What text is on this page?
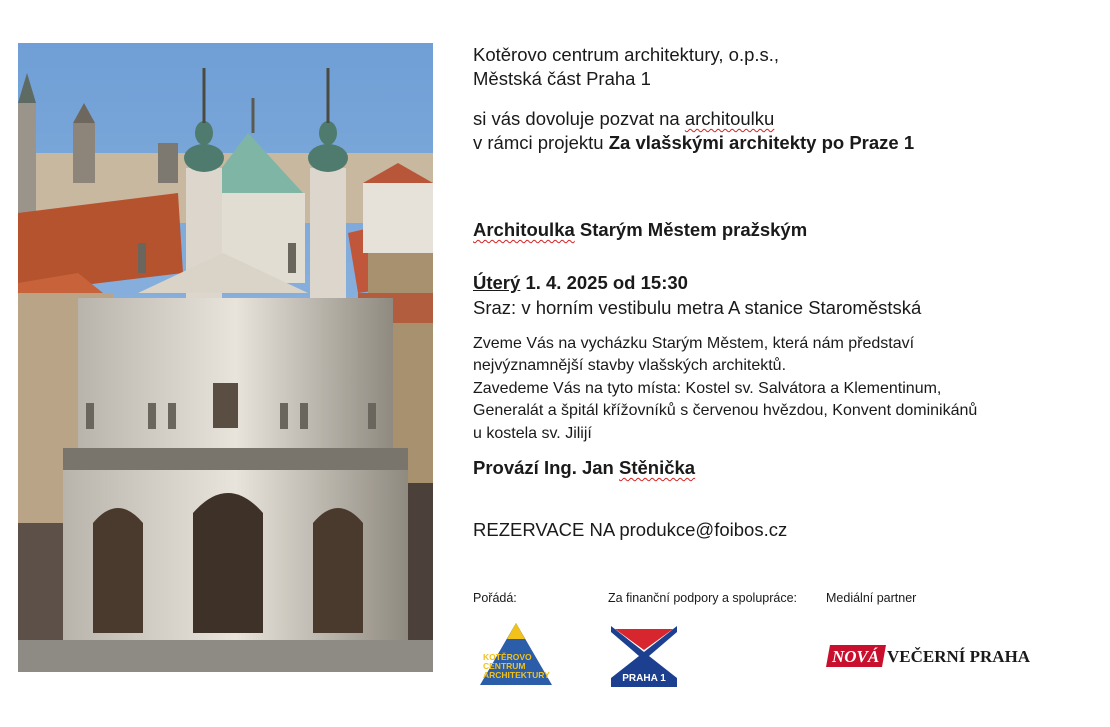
Kotěrovo centrum architektury, o.p.s.,
Městská část Praha 1
si vás dovoluje pozvat na architoulku
v rámci projektu Za vlašskými architekty po Praze 1
Architoulka Starým Městem pražským
Úterý 1. 4. 2025 od 15:30
Sraz: v horním vestibulu metra A stanice Staroměstská
Zveme Vás na vycházku Starým Městem, která nám představí
nejvýznamnější stavby vlašských architektů.
Zavedeme Vás na tyto místa: Kostel sv. Salvátora a Klementinum,
Generalát a špitál křížovníků s červenou hvězdou, Konvent dominikánů
u kostela sv. Jilijí
Provází Ing. Jan Stěnička
REZERVACE NA produkce@foibos.cz
Pořádá:	Za finanční podpory a spolupráce: Mediální partner
KOTĚROVO
CENTRUM
ARCHITEKTURY	PRAHA 1
NOVÁ VEČERNÍ PRAHA
